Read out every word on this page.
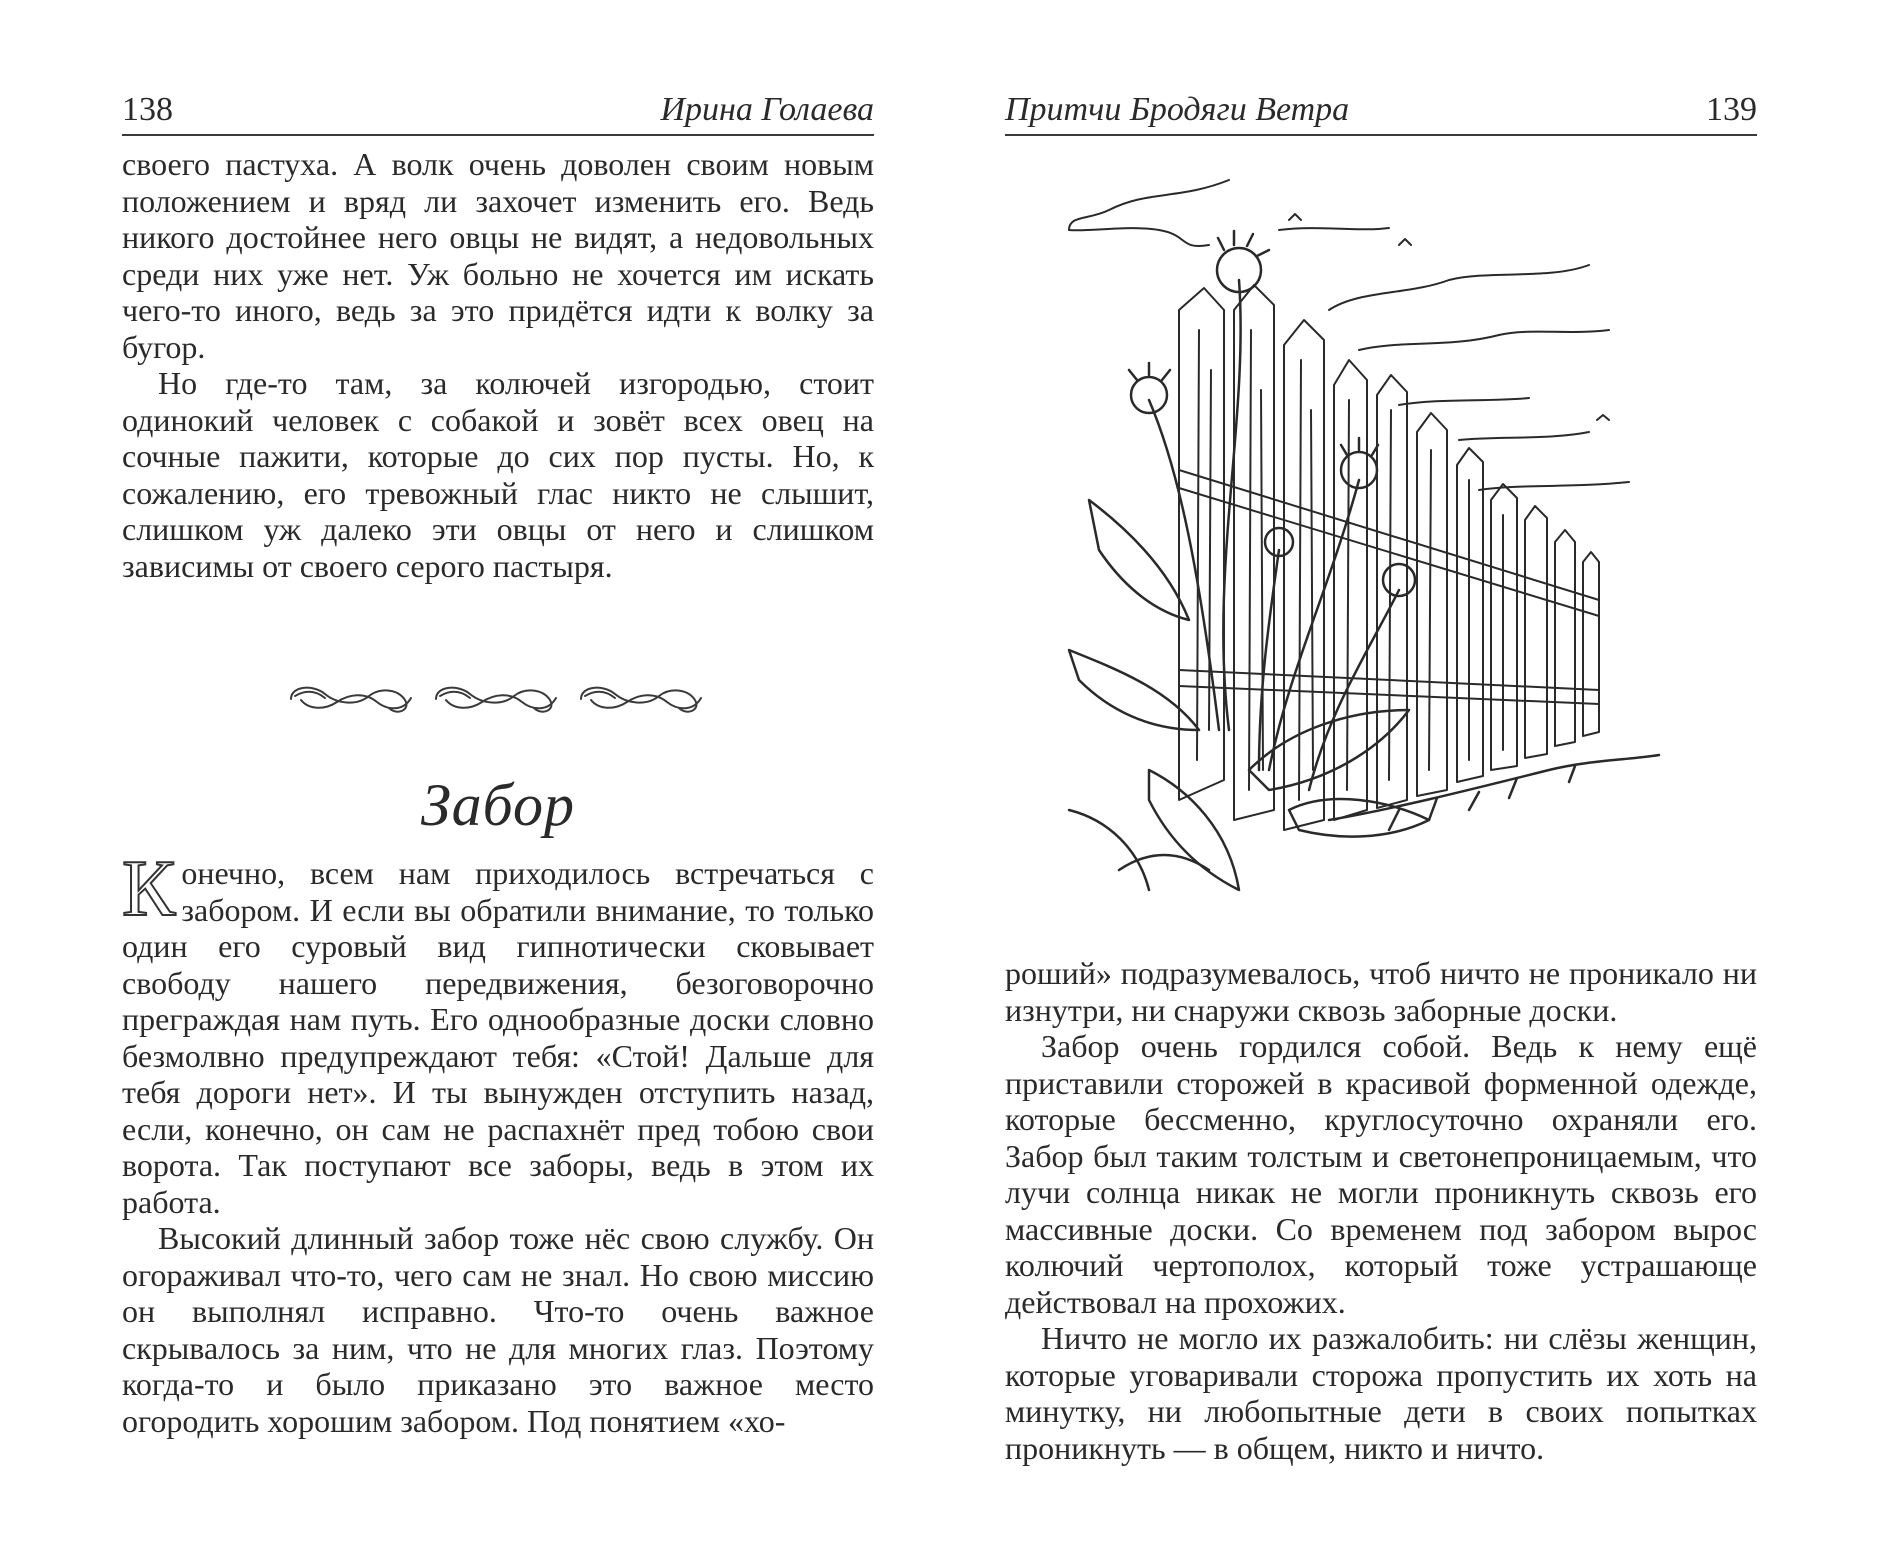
138	Ирина Голаева

своего пастуха. А волк очень доволен своим новым положением и вряд ли захочет изменить его. Ведь никого достойнее него овцы не видят, а недовольных среди них уже нет. Уж больно не хочется им искать чего-то иного, ведь за это придётся идти к волку за бугор.

Но где-то там, за колючей изгородью, стоит одинокий человек с собакой и зовёт всех овец на сочные пажити, которые до сих пор пусты. Но, к сожалению, его тревожный глас никто не слышит, слишком уж далеко эти овцы от него и слишком зависимы от своего серого пастыря.

Забор

Конечно, всем нам приходилось встречаться с забором. И если вы обратили внимание, то только один его суровый вид гипнотически сковывает свободу нашего передвижения, безоговорочно преграждая нам путь. Его однообразные доски словно безмолвно предупреждают тебя: «Стой! Дальше для тебя дороги нет». И ты вынужден отступить назад, если, конечно, он сам не распахнёт пред тобою свои ворота. Так поступают все заборы, ведь в этом их работа.

Высокий длинный забор тоже нёс свою службу. Он огораживал что-то, чего сам не знал. Но свою миссию он выполнял исправно. Что-то очень важное скрывалось за ним, что не для многих глаз. Поэтому когда-то и было приказано это важное место огородить хорошим забором. Под понятием «хо-

Притчи Бродяги Ветра	139

роший» подразумевалось, чтоб ничто не проникало ни изнутри, ни снаружи сквозь заборные доски.

Забор очень гордился собой. Ведь к нему ещё приставили сторожей в красивой форменной одежде, которые бессменно, круглосуточно охраняли его. Забор был таким толстым и светонепроницаемым, что лучи солнца никак не могли проникнуть сквозь его массивные доски. Со временем под забором вырос колючий чертополох, который тоже устрашающе действовал на прохожих.

Ничто не могло их разжалобить: ни слёзы женщин, которые уговаривали сторожа пропустить их хоть на минутку, ни любопытные дети в своих попытках проникнуть — в общем, никто и ничто.
